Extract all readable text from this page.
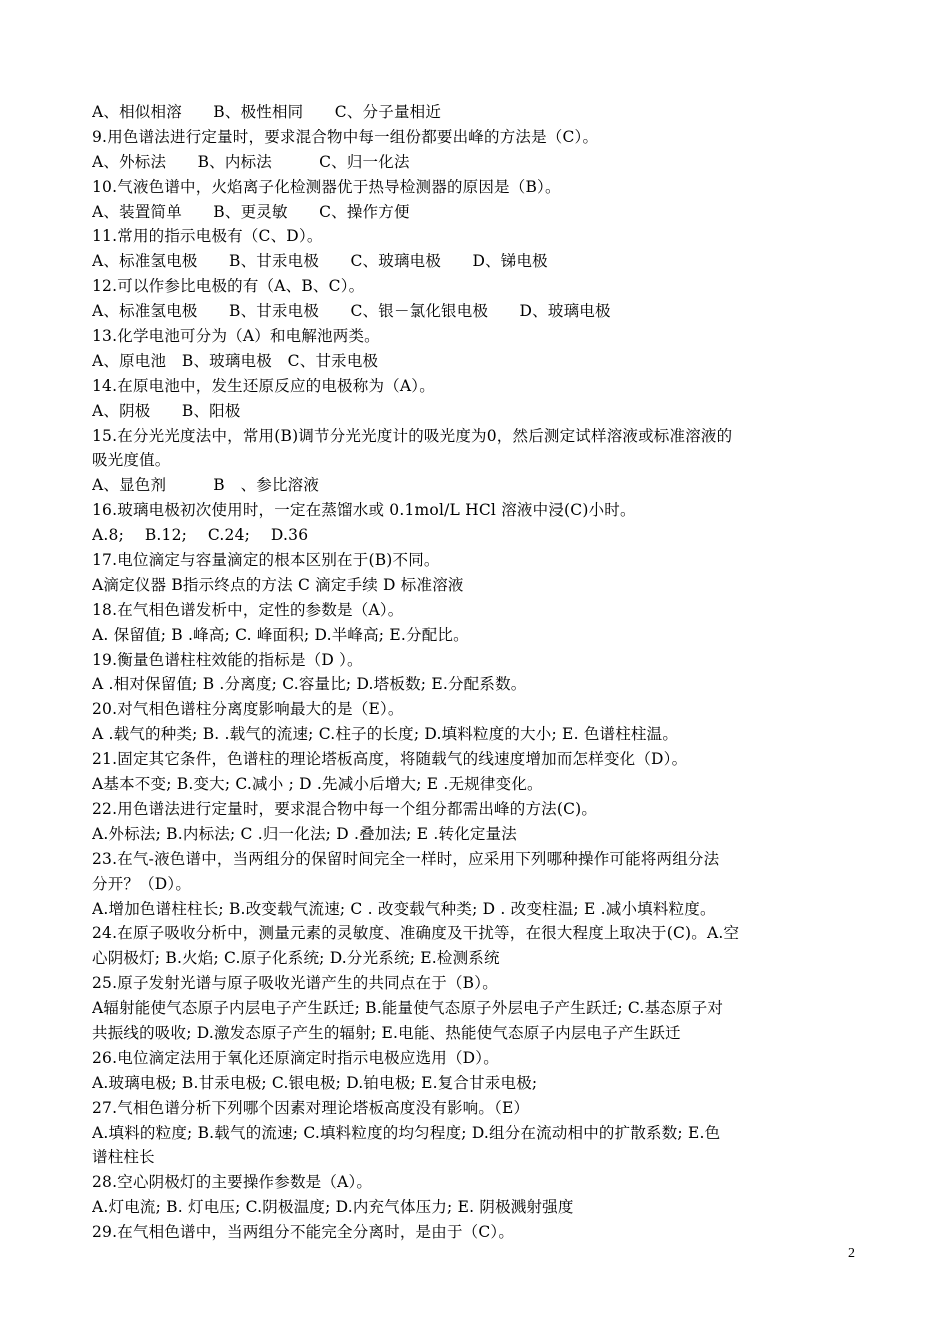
A、相似相溶　　B、极性相同　　C、分子量相近
9.用色谱法进行定量时，要求混合物中每一组份都要出峰的方法是（C）。
A、外标法　　B、内标法　　　C、归一化法
10.气液色谱中，火焰离子化检测器优于热导检测器的原因是（B）。
A、装置简单　　B、更灵敏　　C、操作方便
11.常用的指示电极有（C、D）。
A、标准氢电极　　B、甘汞电极　　C、玻璃电极　　D、锑电极
12.可以作参比电极的有（A、B、C）。
A、标准氢电极　　B、甘汞电极　　C、银－氯化银电极　　D、玻璃电极
13.化学电池可分为（A）和电解池两类。
A、原电池　B、玻璃电极　C、甘汞电极
14.在原电池中，发生还原反应的电极称为（A）。
A、阴极　　B、阳极
15.在分光光度法中，常用(B)调节分光光度计的吸光度为0，然后测定试样溶液或标准溶液的
吸光度值。
A、显色剂　　　B　、参比溶液
16.玻璃电极初次使用时，一定在蒸馏水或 0.1mol/L HCl 溶液中浸(C)小时。
A.8;　 B.12;　 C.24;　 D.36
17.电位滴定与容量滴定的根本区别在于(B)不同。
A滴定仪器 B指示终点的方法 C 滴定手续 D 标准溶液
18.在气相色谱发析中，定性的参数是（A）。
A. 保留值; B .峰高; C. 峰面积; D.半峰高; E.分配比。
19.衡量色谱柱柱效能的指标是（D ）。
A .相对保留值; B .分离度; C.容量比; D.塔板数; E.分配系数。
20.对气相色谱柱分离度影响最大的是（E）。
A .载气的种类; B. .载气的流速; C.柱子的长度; D.填料粒度的大小; E. 色谱柱柱温。
21.固定其它条件，色谱柱的理论塔板高度，将随载气的线速度增加而怎样变化（D）。
A基本不变; B.变大; C.减小 ; D .先减小后增大; E .无规律变化。
22.用色谱法进行定量时，要求混合物中每一个组分都需出峰的方法(C)。
A.外标法; B.内标法; C .归一化法; D .叠加法; E .转化定量法
23.在气-液色谱中，当两组分的保留时间完全一样时，应采用下列哪种操作可能将两组分法
分开？（D）。
A.增加色谱柱柱长; B.改变载气流速; C . 改变载气种类; D . 改变柱温; E .减小填料粒度。
24.在原子吸收分析中，测量元素的灵敏度、准确度及干扰等，在很大程度上取决于(C)。A.空
心阴极灯; B.火焰; C.原子化系统; D.分光系统; E.检测系统
25.原子发射光谱与原子吸收光谱产生的共同点在于（B）。
A辐射能使气态原子内层电子产生跃迁; B.能量使气态原子外层电子产生跃迁; C.基态原子对
共振线的吸收; D.激发态原子产生的辐射; E.电能、热能使气态原子内层电子产生跃迁
26.电位滴定法用于氧化还原滴定时指示电极应选用（D）。
A.玻璃电极; B.甘汞电极; C.银电极; D.铂电极; E.复合甘汞电极;
27.气相色谱分析下列哪个因素对理论塔板高度没有影响。（E）
A.填料的粒度; B.载气的流速; C.填料粒度的均匀程度; D.组分在流动相中的扩散系数; E.色
谱柱柱长
28.空心阴极灯的主要操作参数是（A）。
A.灯电流; B. 灯电压; C.阴极温度; D.内充气体压力; E. 阴极溅射强度
29.在气相色谱中，当两组分不能完全分离时，是由于（C）。
2
